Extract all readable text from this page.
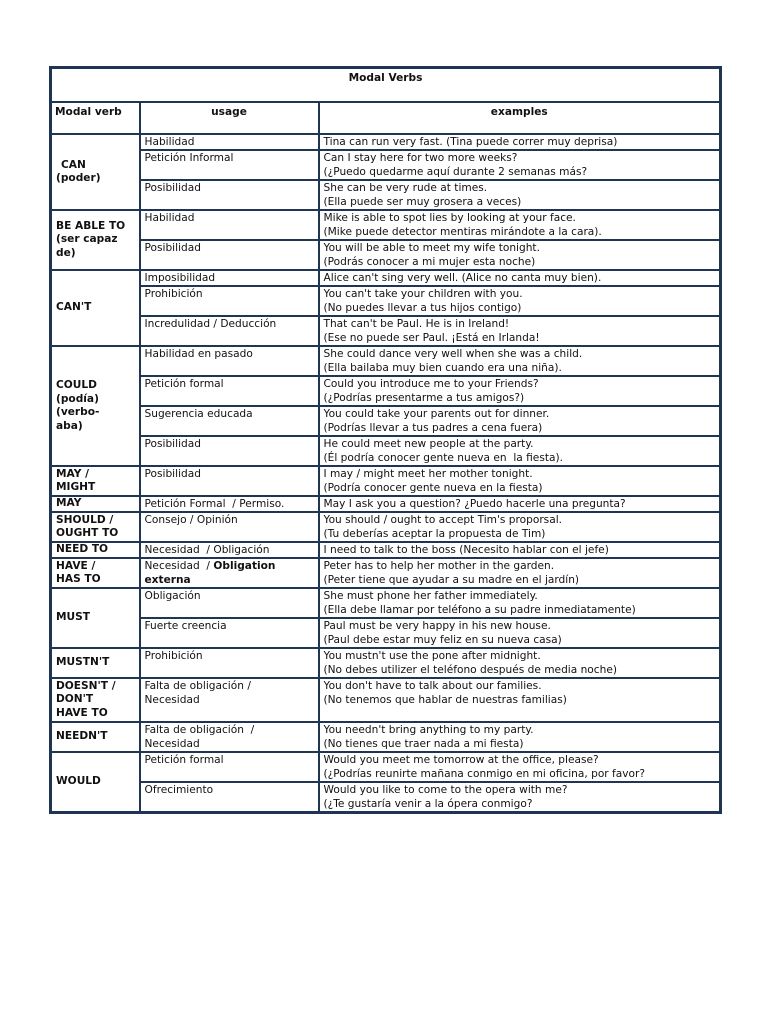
Modal Verbs		
Modal verb	usage	examples

CAN
(poder)	Habilidad	Tina can run very fast. (Tina puede correr muy deprisa)

	Petición Informal	Can I stay here for two more weeks?
(¿Puedo quedarme aquí durante 2 semanas más?

	Posibilidad	She can be very rude at times.
(Ella puede ser muy grosera a veces)

BE ABLE TO
(ser capaz
de)	Habilidad	Mike is able to spot lies by looking at your face.
(Mike puede detector mentiras mirándote a la cara).

	Posibilidad	You will be able to meet my wife tonight.
(Podrás conocer a mi mujer esta noche)

CAN'T	Imposibilidad	Alice can't sing very well. (Alice no canta muy bien).

	Prohibición	You can't take your children with you.
(No puedes llevar a tus hijos contigo)

	Incredulidad / Deducción	That can't be Paul. He is in Ireland!
(Ese no puede ser Paul. ¡Está en Irlanda!

COULD
(podía)
(verbo-
aba)	Habilidad en pasado	She could dance very well when she was a child.
(Ella bailaba muy bien cuando era una niña).

	Petición formal	Could you introduce me to your Friends?
(¿Podrías presentarme a tus amigos?)

	Sugerencia educada	You could take your parents out for dinner.
(Podrías llevar a tus padres a cena fuera)

	Posibilidad	He could meet new people at the party.
(Él podría conocer gente nueva en  la fiesta).

MAY /
MIGHT	Posibilidad	I may / might meet her mother tonight.
(Podría conocer gente nueva en la fiesta)

MAY	Petición Formal  / Permiso.	May I ask you a question? ¿Puedo hacerle una pregunta?

SHOULD /
OUGHT TO	Consejo / Opinión	You should / ought to accept Tim's proporsal.
(Tu deberías aceptar la propuesta de Tim)

NEED TO	Necesidad  / Obligación	I need to talk to the boss (Necesito hablar con el jefe)

HAVE /
HAS TO	Necesidad  / Obligation
externa	Peter has to help her mother in the garden.
(Peter tiene que ayudar a su madre en el jardín)

MUST	Obligación	She must phone her father immediately.
(Ella debe llamar por teléfono a su padre inmediatamente)

	Fuerte creencia	Paul must be very happy in his new house.
(Paul debe estar muy feliz en su nueva casa)

MUSTN'T	Prohibición	You mustn't use the pone after midnight.
(No debes utilizer el teléfono después de media noche)

DOESN'T /
DON'T
HAVE TO	Falta de obligación /
Necesidad	You don't have to talk about our families.
(No tenemos que hablar de nuestras familias)

NEEDN'T	Falta de obligación  /
Necesidad	You needn't bring anything to my party.
(No tienes que traer nada a mi fiesta)

WOULD	Petición formal	Would you meet me tomorrow at the office, please?
(¿Podrías reunirte mañana conmigo en mi oficina, por favor?

	Ofrecimiento	Would you like to come to the opera with me?
(¿Te gustaría venir a la ópera conmigo?
